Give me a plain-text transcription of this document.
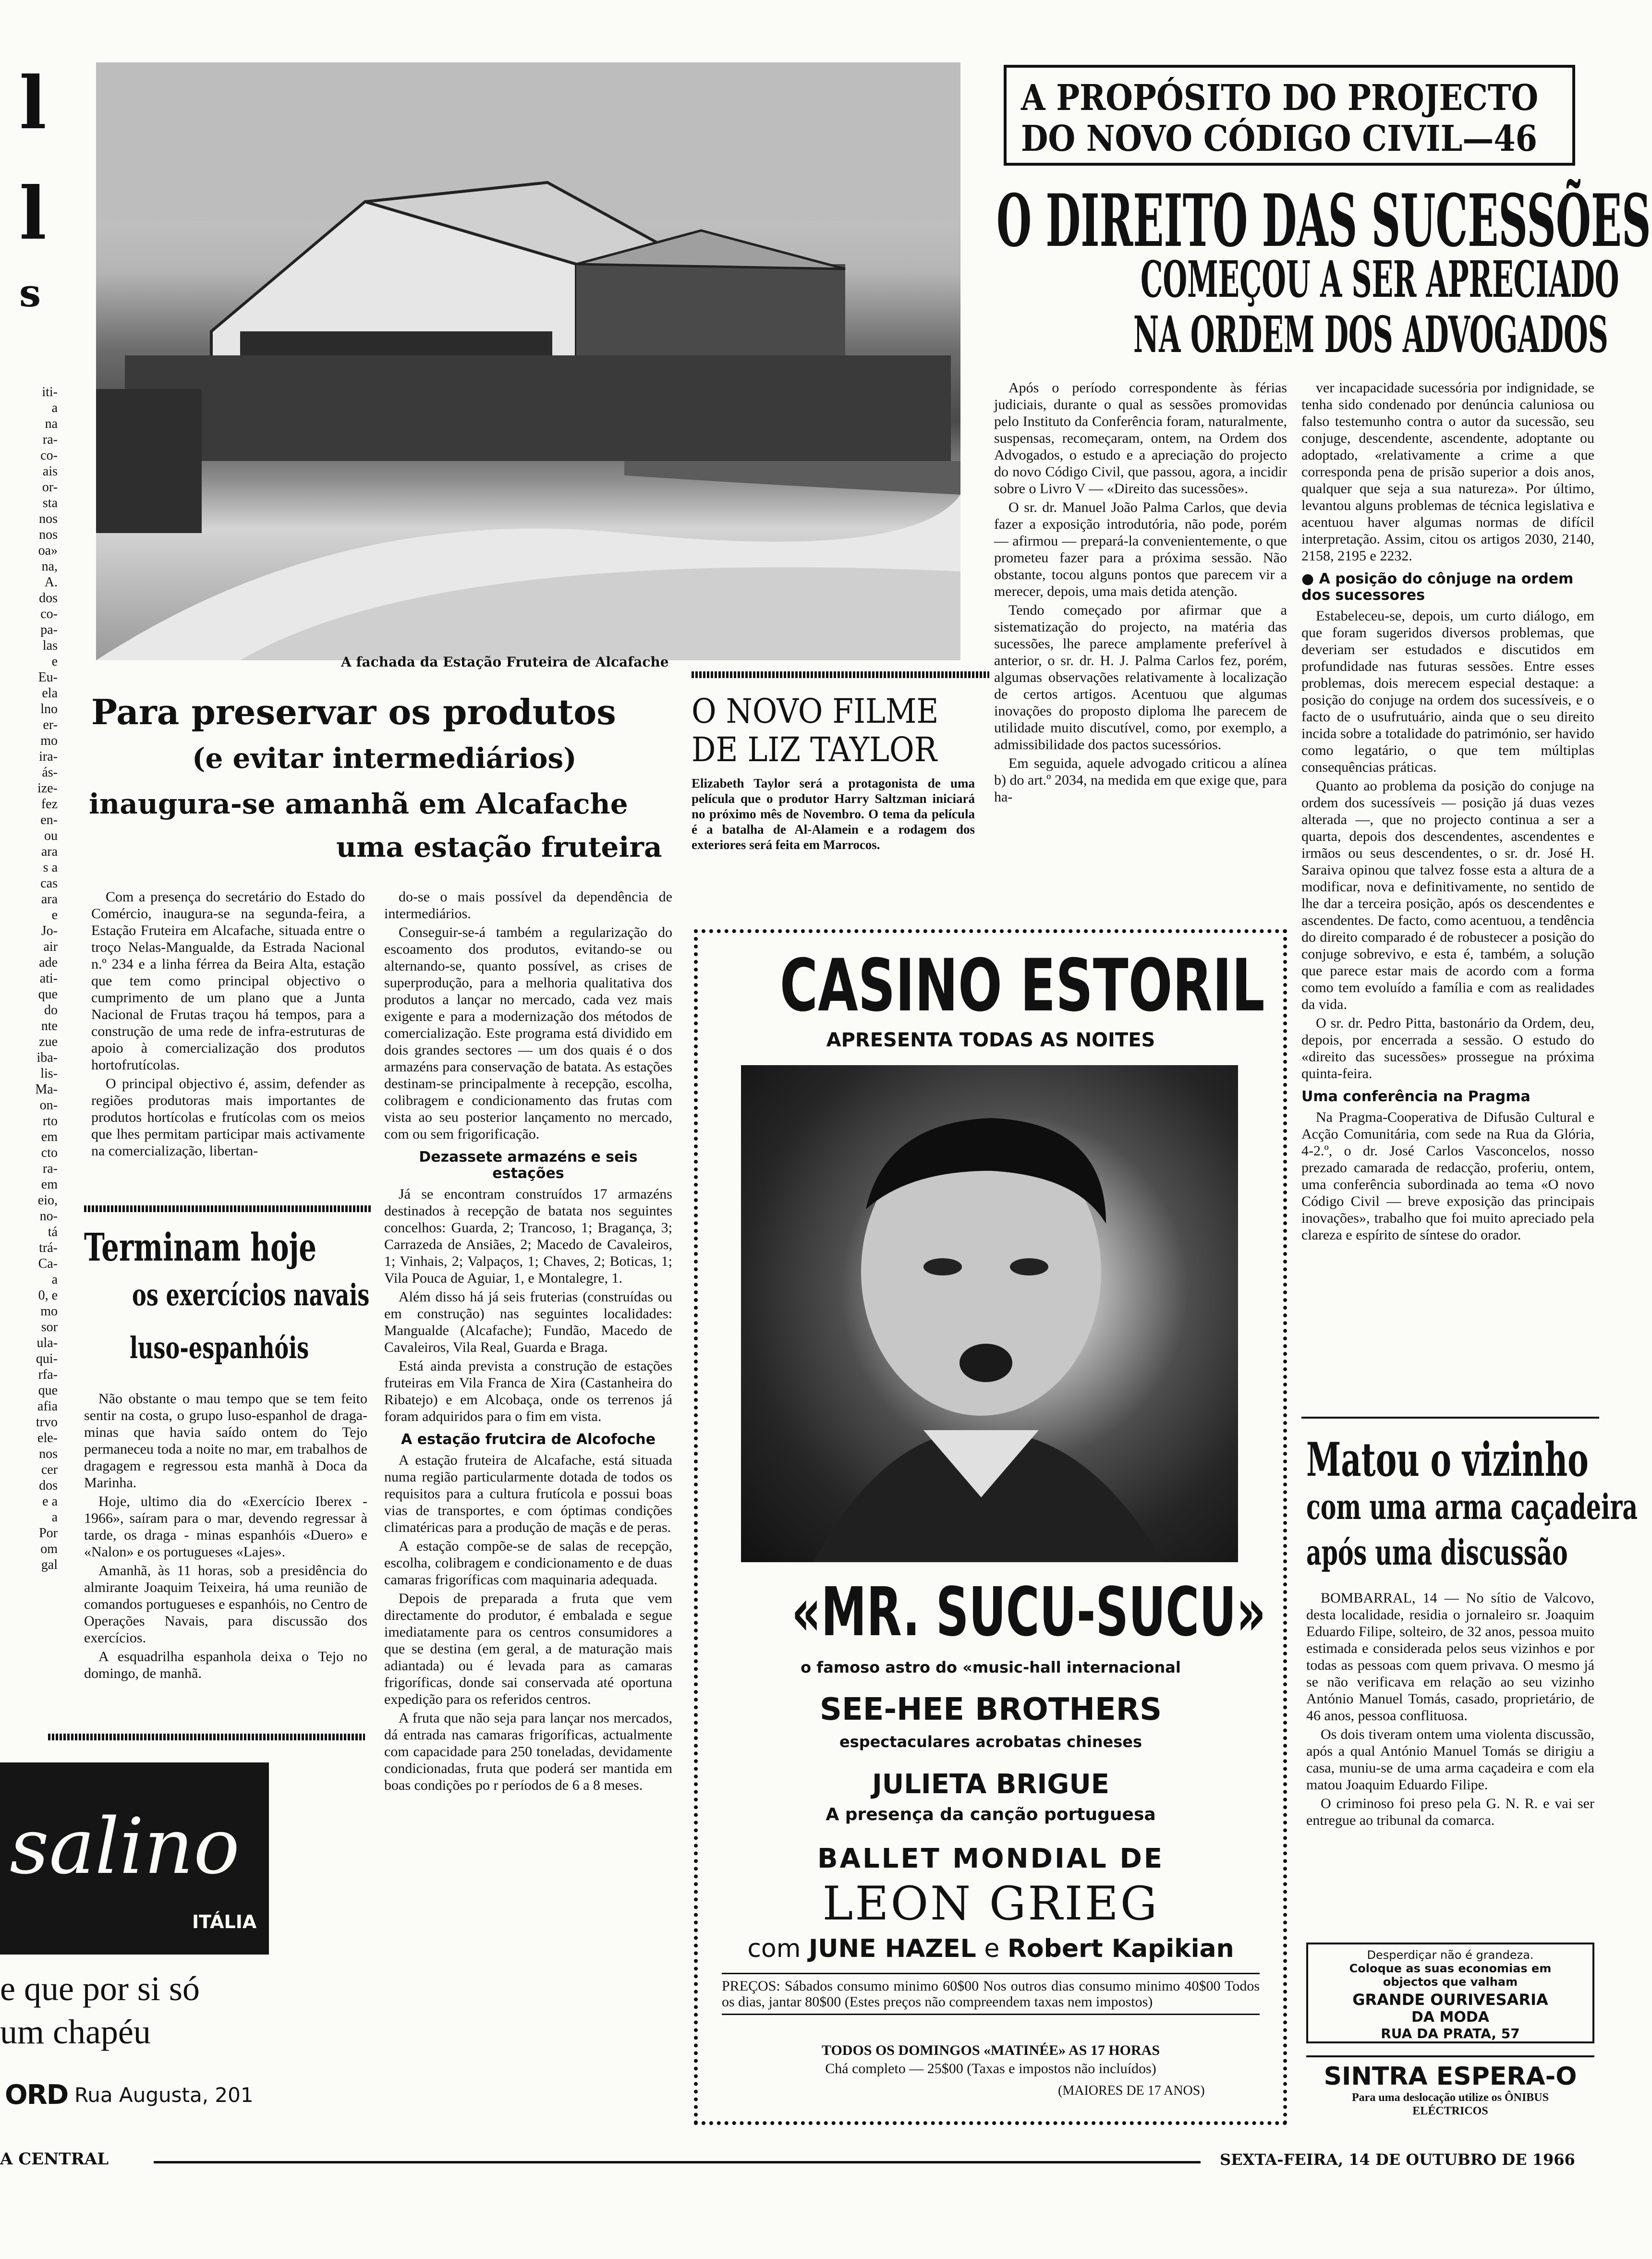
l
l
s
iti-
a
na
ra-
co-
ais
or-
sta
nos
nos
oa»
na,
A.
dos
co-
pa-
las
e
Eu-
ela
lno
er-
mo
ira-
ás-
ize-
fez
en-
ou
ara
s a
cas
ara
e
Jo-
air
ade
ati-
que
do
nte
zue
iba-
lis-
Ma-
on-
rto
em
cto
ra-
em
eio,
no-
tá
trá-
Ca-
a
0, e
mo
sor
ula-
qui-
rfa-
que
afia
trvo
ele-
nos
cer
dos
e a
a
Por
om
gal
A fachada da Estação Fruteira de Alcafache
Para preservar os produtos
(e evitar intermediários)
inaugura-se amanhã em Alcafache
uma estação fruteira

Com a presença do secretário do Estado do Comércio, inaugura-se na segunda-feira, a Estação Fruteira em Alcafache, situada entre o troço Nelas-Mangualde, da Estrada Nacional n.º 234 e a linha férrea da Beira Alta, estação que tem como principal objectivo o cumprimento de um plano que a Junta Nacional de Frutas traçou há tempos, para a construção de uma rede de infra-estruturas de apoio à comercialização dos produtos hortofrutícolas.

O principal objectivo é, assim, defender as regiões produtoras mais importantes de produtos hortícolas e frutícolas com os meios que lhes permitam participar mais activamente na comercialização, libertan-

do-se o mais possível da dependência de intermediários.

Conseguir-se-á também a regularização do escoamento dos produtos, evitando-se ou alternando-se, quanto possível, as crises de superprodução, para a melhoria qualitativa dos produtos a lançar no mercado, cada vez mais exigente e para a modernização dos métodos de comercialização. Este programa está dividido em dois grandes sectores — um dos quais é o dos armazéns para conservação de batata. As estações destinam-se principalmente à recepção, escolha, colibragem e condicionamento das frutas com vista ao seu posterior lançamento no mercado, com ou sem frigorificação.

Dezassete armazéns e seis estações

Já se encontram construídos 17 armazéns destinados à recepção de batata nos seguintes concelhos: Guarda, 2; Trancoso, 1; Bragança, 3; Carrazeda de Ansiães, 2; Macedo de Cavaleiros, 1; Vinhais, 2; Valpaços, 1; Chaves, 2; Boticas, 1; Vila Pouca de Aguiar, 1, e Montalegre, 1.

Além disso há já seis fruterias (construídas ou em construção) nas seguintes localidades: Mangualde (Alcafache); Fundão, Macedo de Cavaleiros, Vila Real, Guarda e Braga.

Está ainda prevista a construção de estações fruteiras em Vila Franca de Xira (Castanheira do Ribatejo) e em Alcobaça, onde os terrenos já foram adquiridos para o fim em vista.

A estação frutcira de Alcofoche

A estação fruteira de Alcafache, está situada numa região particularmente dotada de todos os requisitos para a cultura frutícola e possui boas vias de transportes, e com óptimas condições climatéricas para a produção de maçãs e de peras.

A estação compõe-se de salas de recepção, escolha, colibragem e condicionamento e de duas camaras frigoríficas com maquinaria adequada.

Depois de preparada a fruta que vem directamente do produtor, é embalada e segue imediatamente para os centros consumidores a que se destina (em geral, a de maturação mais adiantada) ou é levada para as camaras frigoríficas, donde sai conservada até oportuna expedição para os referidos centros.

A fruta que não seja para lançar nos mercados, dá entrada nas camaras frigoríficas, actualmente com capacidade para 250 toneladas, devidamente condicionadas, fruta que poderá ser mantida em boas condições po r períodos de 6 a 8 meses.

Terminam hoje
os exercícios navais
luso-espanhóis

Não obstante o mau tempo que se tem feito sentir na costa, o grupo luso-espanhol de draga-minas que havia saído ontem do Tejo permaneceu toda a noite no mar, em trabalhos de dragagem e regressou esta manhã à Doca da Marinha.

Hoje, ultimo dia do «Exercício Iberex - 1966», saíram para o mar, devendo regressar à tarde, os draga - minas espanhóis «Duero» e «Nalon» e os portugueses «Lajes».

Amanhã, às 11 horas, sob a presidência do almirante Joaquim Teixeira, há uma reunião de comandos portugueses e espanhóis, no Centro de Operações Navais, para discussão dos exercícios.

A esquadrilha espanhola deixa o Tejo no domingo, de manhã.

salino
ITÁLIA
e que por si só
um chapéu
ORD Rua Augusta, 201
A PROPÓSITO DO PROJECTO
DO NOVO CÓDIGO CIVIL—46
O DIREITO DAS SUCESSÕES
COMEÇOU A SER APRECIADO
NA ORDEM DOS ADVOGADOS

Após o período correspondente às férias judiciais, durante o qual as sessões promovidas pelo Instituto da Conferência foram, naturalmente, suspensas, recomeçaram, ontem, na Ordem dos Advogados, o estudo e a apreciação do projecto do novo Código Civil, que passou, agora, a incidir sobre o Livro V — «Direito das sucessões».

O sr. dr. Manuel João Palma Carlos, que devia fazer a exposição introdutória, não pode, porém — afirmou — prepará-la convenientemente, o que prometeu fazer para a próxima sessão. Não obstante, tocou alguns pontos que parecem vir a merecer, depois, uma mais detida atenção.

Tendo começado por afirmar que a sistematização do projecto, na matéria das sucessões, lhe parece amplamente preferível à anterior, o sr. dr. H. J. Palma Carlos fez, porém, algumas observações relativamente à localização de certos artigos. Acentuou que algumas inovações do proposto diploma lhe parecem de utilidade muito discutível, como, por exemplo, a admissibilidade dos pactos sucessórios.

Em seguida, aquele advogado criticou a alínea b) do art.º 2034, na medida em que exige que, para ha-

ver incapacidade sucessória por indignidade, se tenha sido condenado por denúncia caluniosa ou falso testemunho contra o autor da sucessão, seu conjuge, descendente, ascendente, adoptante ou adoptado, «relativamente a crime a que corresponda pena de prisão superior a dois anos, qualquer que seja a sua natureza». Por último, levantou alguns problemas de técnica legislativa e acentuou haver algumas normas de difícil interpretação. Assim, citou os artigos 2030, 2140, 2158, 2195 e 2232.

● A posição do cônjuge na ordem dos sucessores

Estabeleceu-se, depois, um curto diálogo, em que foram sugeridos diversos problemas, que deveriam ser estudados e discutidos em profundidade nas futuras sessões. Entre esses problemas, dois merecem especial destaque: a posição do conjuge na ordem dos sucessíveis, e o facto de o usufrutuário, ainda que o seu direito incida sobre a totalidade do património, ser havido como legatário, o que tem múltiplas consequências práticas.

Quanto ao problema da posição do conjuge na ordem dos sucessíveis — posição já duas vezes alterada —, que no projecto continua a ser a quarta, depois dos descendentes, ascendentes e irmãos ou seus descendentes, o sr. dr. José H. Saraiva opinou que talvez fosse esta a altura de a modificar, nova e definitivamente, no sentido de lhe dar a terceira posição, após os descendentes e ascendentes. De facto, como acentuou, a tendência do direito comparado é de robustecer a posição do conjuge sobrevivo, e esta é, também, a solução que parece estar mais de acordo com a forma como tem evoluído a família e com as realidades da vida.

O sr. dr. Pedro Pitta, bastonário da Ordem, deu, depois, por encerrada a sessão. O estudo do «direito das sucessões» prossegue na próxima quinta-feira.

Uma conferência na Pragma

Na Pragma-Cooperativa de Difusão Cultural e Acção Comunitária, com sede na Rua da Glória, 4-2.º, o dr. José Carlos Vasconcelos, nosso prezado camarada de redacção, proferiu, ontem, uma conferência subordinada ao tema «O novo Código Civil — breve exposição das principais inovações», trabalho que foi muito apreciado pela clareza e espírito de síntese do orador.

O NOVO FILME
DE LIZ TAYLOR
Elizabeth Taylor será a protagonista de uma película que o produtor Harry Saltzman iniciará no próximo mês de Novembro. O tema da película é a batalha de Al-Alamein e a rodagem dos exteriores será feita em Marrocos.
CASINO ESTORIL
APRESENTA TODAS AS NOITES
«MR. SUCU-SUCU»
o famoso astro do «music-hall internacional
SEE-HEE BROTHERS
espectaculares acrobatas chineses
JULIETA BRIGUE
A presença da canção portuguesa
BALLET MONDIAL DE
LEON GRIEG
com JUNE HAZEL e Robert Kapikian
PREÇOS: Sábados consumo minimo 60$00 Nos outros dias consumo minimo 40$00 Todos os dias, jantar 80$00 (Estes preços não compreendem taxas nem impostos)
TODOS OS DOMINGOS «MATINÉE» AS 17 HORAS
Chá completo — 25$00 (Taxas e impostos não incluídos)
(MAIORES DE 17 ANOS)
Matou o vizinho
com uma arma caçadeira
após uma discussão

BOMBARRAL, 14 — No sítio de Valcovo, desta localidade, residia o jornaleiro sr. Joaquim Eduardo Filipe, solteiro, de 32 anos, pessoa muito estimada e considerada pelos seus vizinhos e por todas as pessoas com quem privava. O mesmo já se não verificava em relação ao seu vizinho António Manuel Tomás, casado, proprietário, de 46 anos, pessoa conflituosa.

Os dois tiveram ontem uma violenta discussão, após a qual António Manuel Tomás se dirigiu a casa, muniu-se de uma arma caçadeira e com ela matou Joaquim Eduardo Filipe.

O criminoso foi preso pela G. N. R. e vai ser entregue ao tribunal da comarca.

Desperdiçar não é grandeza.
Coloque as suas economias em
objectos que valham
GRANDE OURIVESARIA
DA MODA
RUA DA PRATA, 57
SINTRA ESPERA-O
Para uma deslocação utilize os ÔNIBUS ELÉCTRICOS
A CENTRAL	SEXTA-FEIRA, 14 DE OUTUBRO DE 1966
